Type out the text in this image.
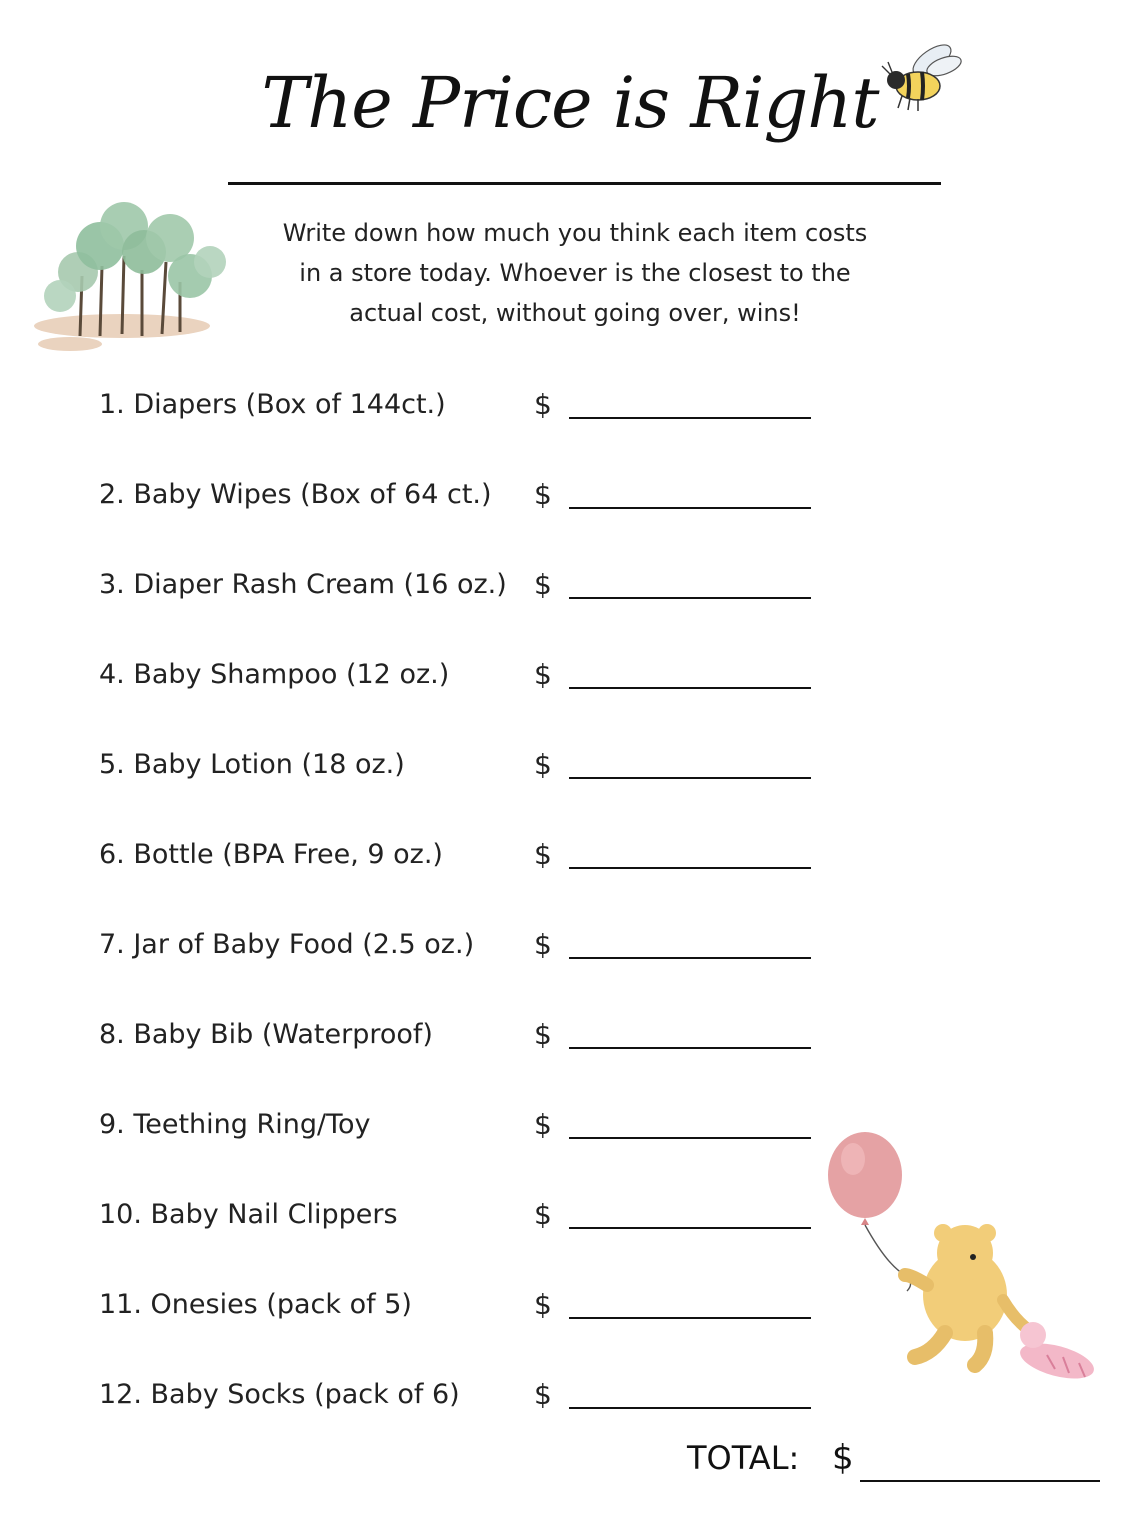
The Price is Right
Write down how much you think each item costs in a store today. Whoever is the closest to the actual cost, without going over, wins!
1. Diapers (Box of 144ct.)	$
2. Baby Wipes (Box of 64 ct.) $
3. Diaper Rash Cream (16 oz.) $
4. Baby Shampoo (12 oz.)	$
5. Baby Lotion (18 oz.)	$
6. Bottle (BPA Free, 9 oz.)	$
7. Jar of Baby Food (2.5 oz.) $
8. Baby Bib (Waterproof)	$
9. Teething Ring/Toy	$
10. Baby Nail Clippers	$
11. Onesies (pack of 5)	$
12. Baby Socks (pack of 6)	$
TOTAL: $
